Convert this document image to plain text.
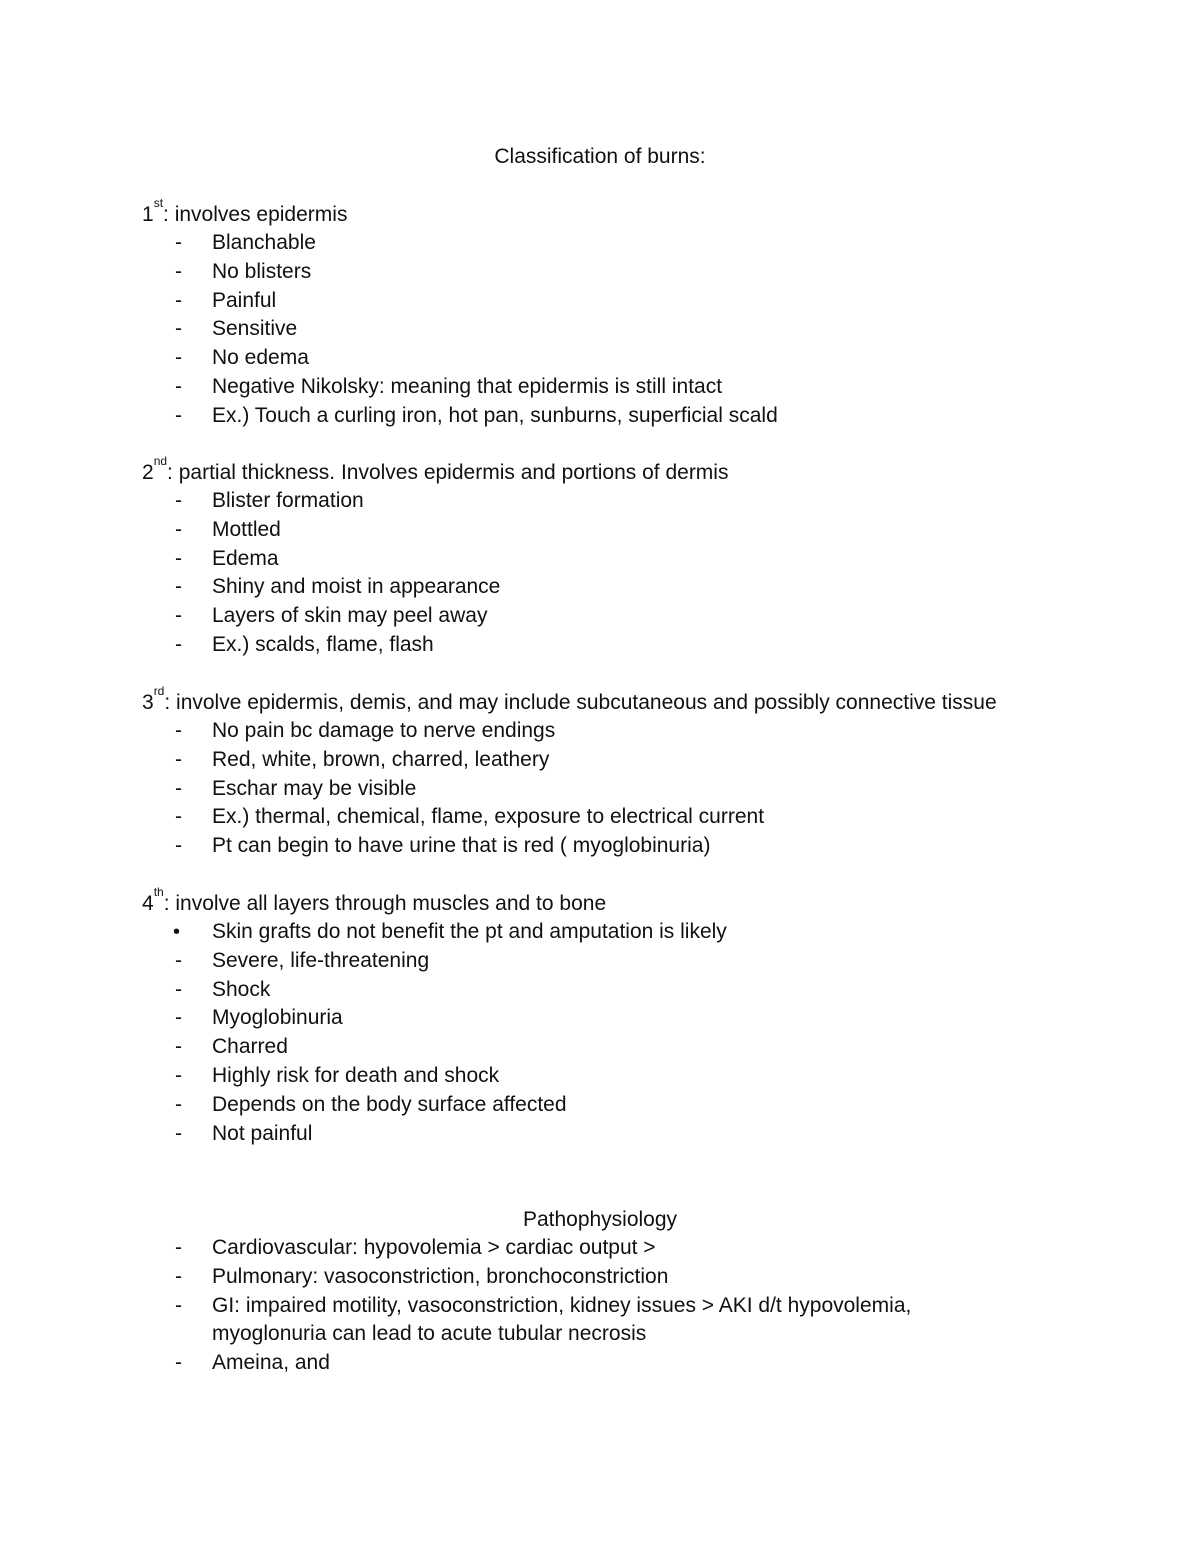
Classification of burns:
1st: involves epidermis
-	Blanchable
-	No blisters
-	Painful
-	Sensitive
-	No edema
-	Negative Nikolsky: meaning that epidermis is still intact
-	Ex.) Touch a curling iron, hot pan, sunburns, superficial scald
2nd: partial thickness. Involves epidermis and portions of dermis
-	Blister formation
-	Mottled
-	Edema
-	Shiny and moist in appearance
-	Layers of skin may peel away
-	Ex.) scalds, flame, flash
3rd: involve epidermis, demis, and may include subcutaneous and possibly connective tissue
-	No pain bc damage to nerve endings
-	Red, white, brown, charred, leathery
-	Eschar may be visible
-	Ex.) thermal, chemical, flame, exposure to electrical current
-	Pt can begin to have urine that is red ( myoglobinuria)
4th: involve all layers through muscles and to bone
•	Skin grafts do not benefit the pt and amputation is likely
-	Severe, life-threatening
-	Shock
-	Myoglobinuria
-	Charred
-	Highly risk for death and shock
-	Depends on the body surface affected
-	Not painful
Pathophysiology
-	Cardiovascular: hypovolemia > cardiac output >
-	Pulmonary: vasoconstriction, bronchoconstriction
-	GI: impaired motility, vasoconstriction, kidney issues > AKI d/t hypovolemia, myoglonuria can lead to acute tubular necrosis
-	Ameina, and
